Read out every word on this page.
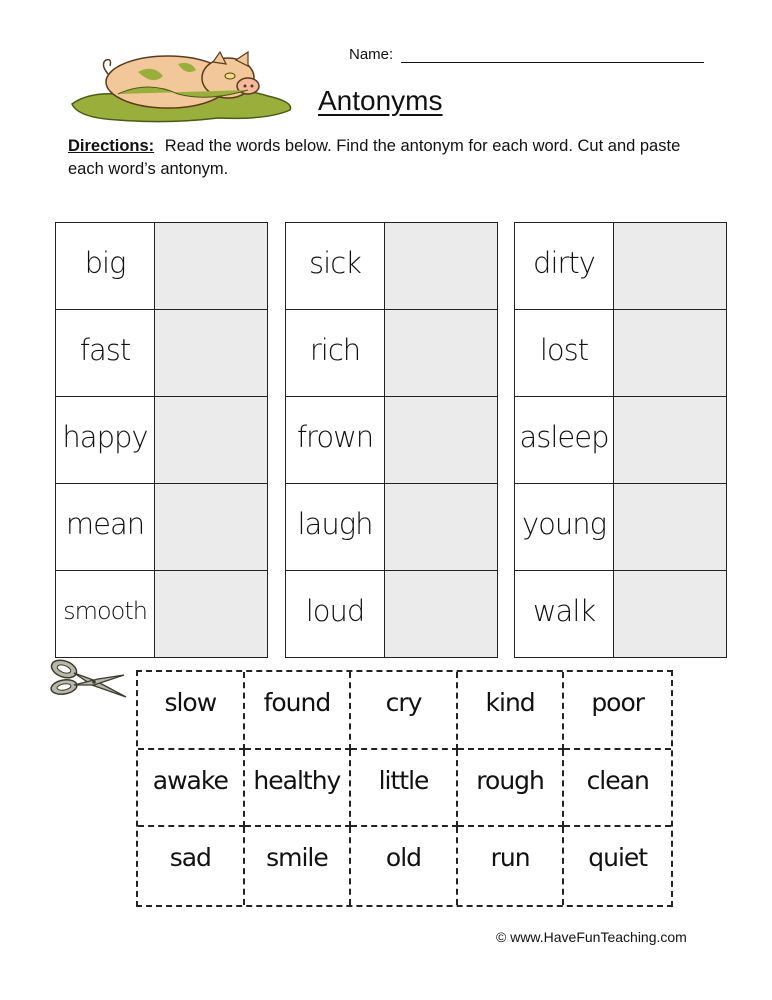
Name:
Antonyms
Directions: Read the words below. Find the antonym for each word. Cut and paste each word’s antonym.
big	
fast	
happy	
mean	
smooth	
sick	
rich	
frown	
laugh	
loud	
dirty	
lost	
asleep	
young	
walk	
slow	found	cry	kind	poor
awake	healthy	little	rough	clean
sad	smile	old	run	quiet
© www.HaveFunTeaching.com
